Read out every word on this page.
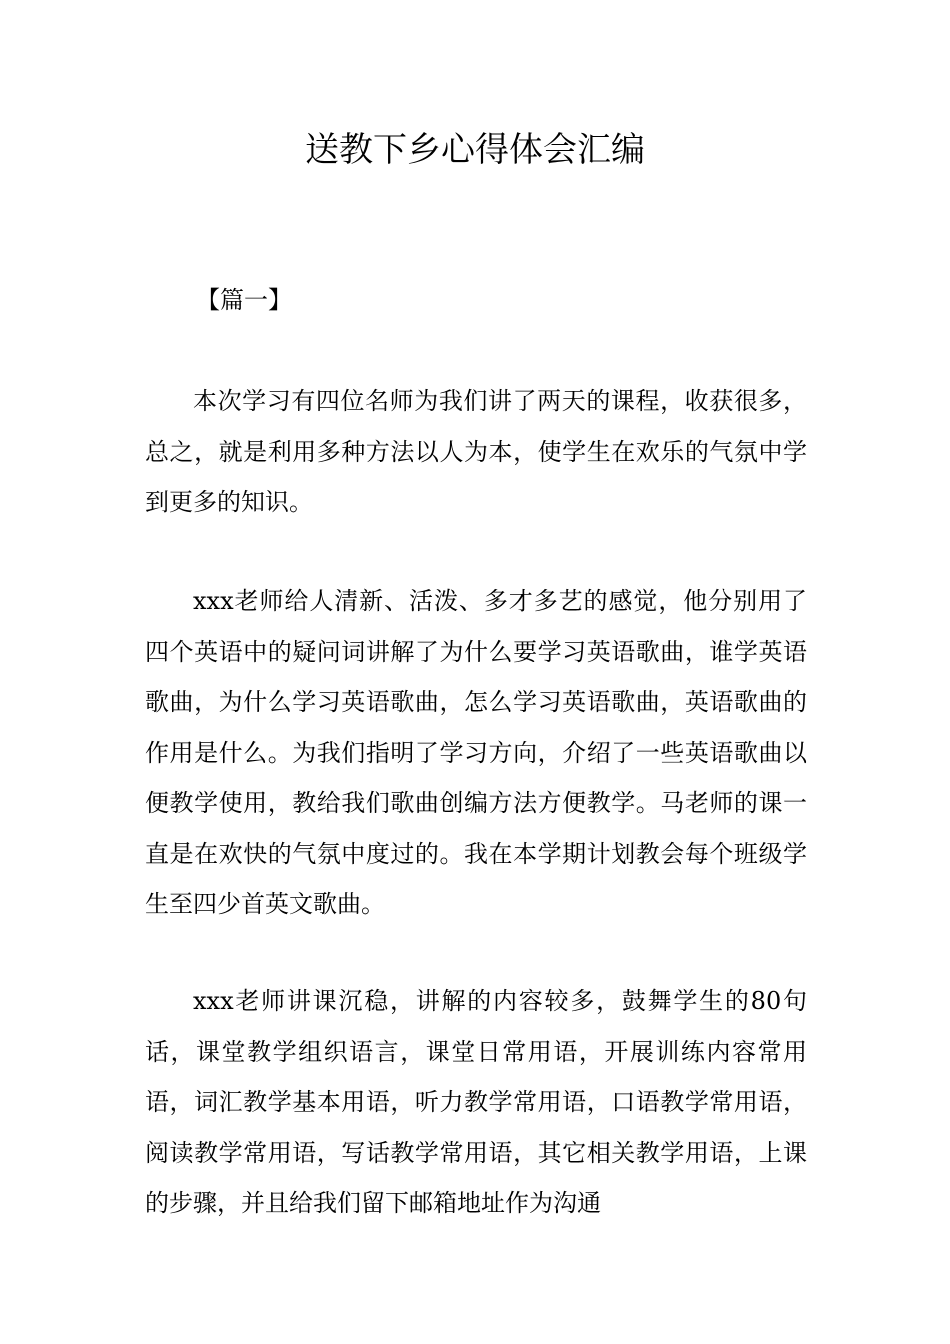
送教下乡心得体会汇编
【篇一】

本次学习有四位名师为我们讲了两天的课程，收获很多，总之，就是利用多种方法以人为本，使学生在欢乐的气氛中学到更多的知识。

xxx老师给人清新、活泼、多才多艺的感觉，他分别用了四个英语中的疑问词讲解了为什么要学习英语歌曲，谁学英语歌曲，为什么学习英语歌曲，怎么学习英语歌曲，英语歌曲的作用是什么。为我们指明了学习方向，介绍了一些英语歌曲以便教学使用，教给我们歌曲创编方法方便教学。马老师的课一直是在欢快的气氛中度过的。我在本学期计划教会每个班级学生至四少首英文歌曲。

xxx老师讲课沉稳，讲解的内容较多，鼓舞学生的80句话，课堂教学组织语言，课堂日常用语，开展训练内容常用语，词汇教学基本用语，听力教学常用语，口语教学常用语，阅读教学常用语，写话教学常用语，其它相关教学用语，上课的步骤，并且给我们留下邮箱地址作为沟通
